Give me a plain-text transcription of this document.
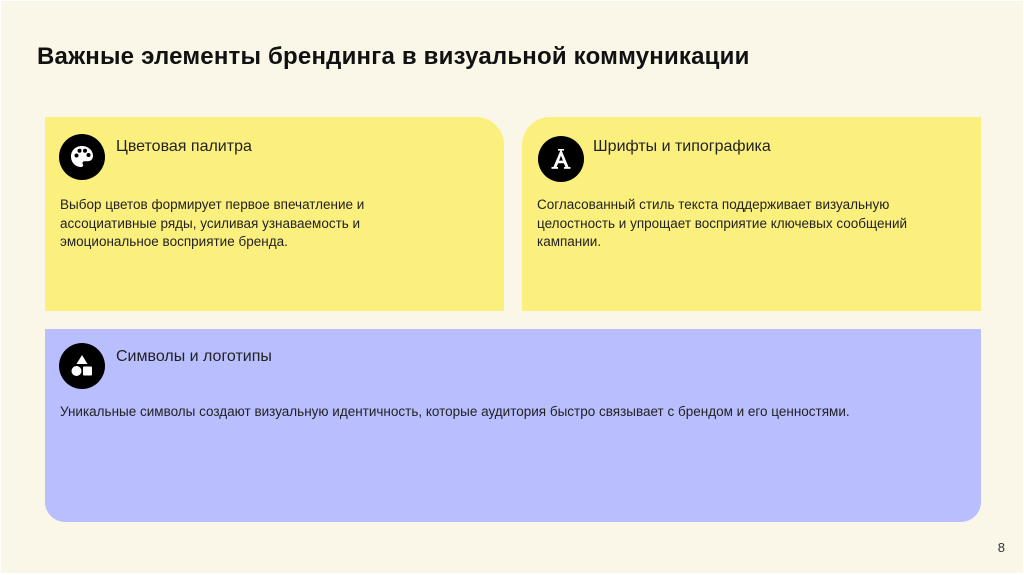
Важные элементы брендинга в визуальной коммуникации
Цветовая палитра
Выбор цветов формирует первое впечатление и ассоциативные ряды, усиливая узнаваемость и эмоциональное восприятие бренда.
Шрифты и типографика
Согласованный стиль текста поддерживает визуальную целостность и упрощает восприятие ключевых сообщений кампании.
Символы и логотипы
Уникальные символы создают визуальную идентичность, которые аудитория быстро связывает с брендом и его ценностями.
8
